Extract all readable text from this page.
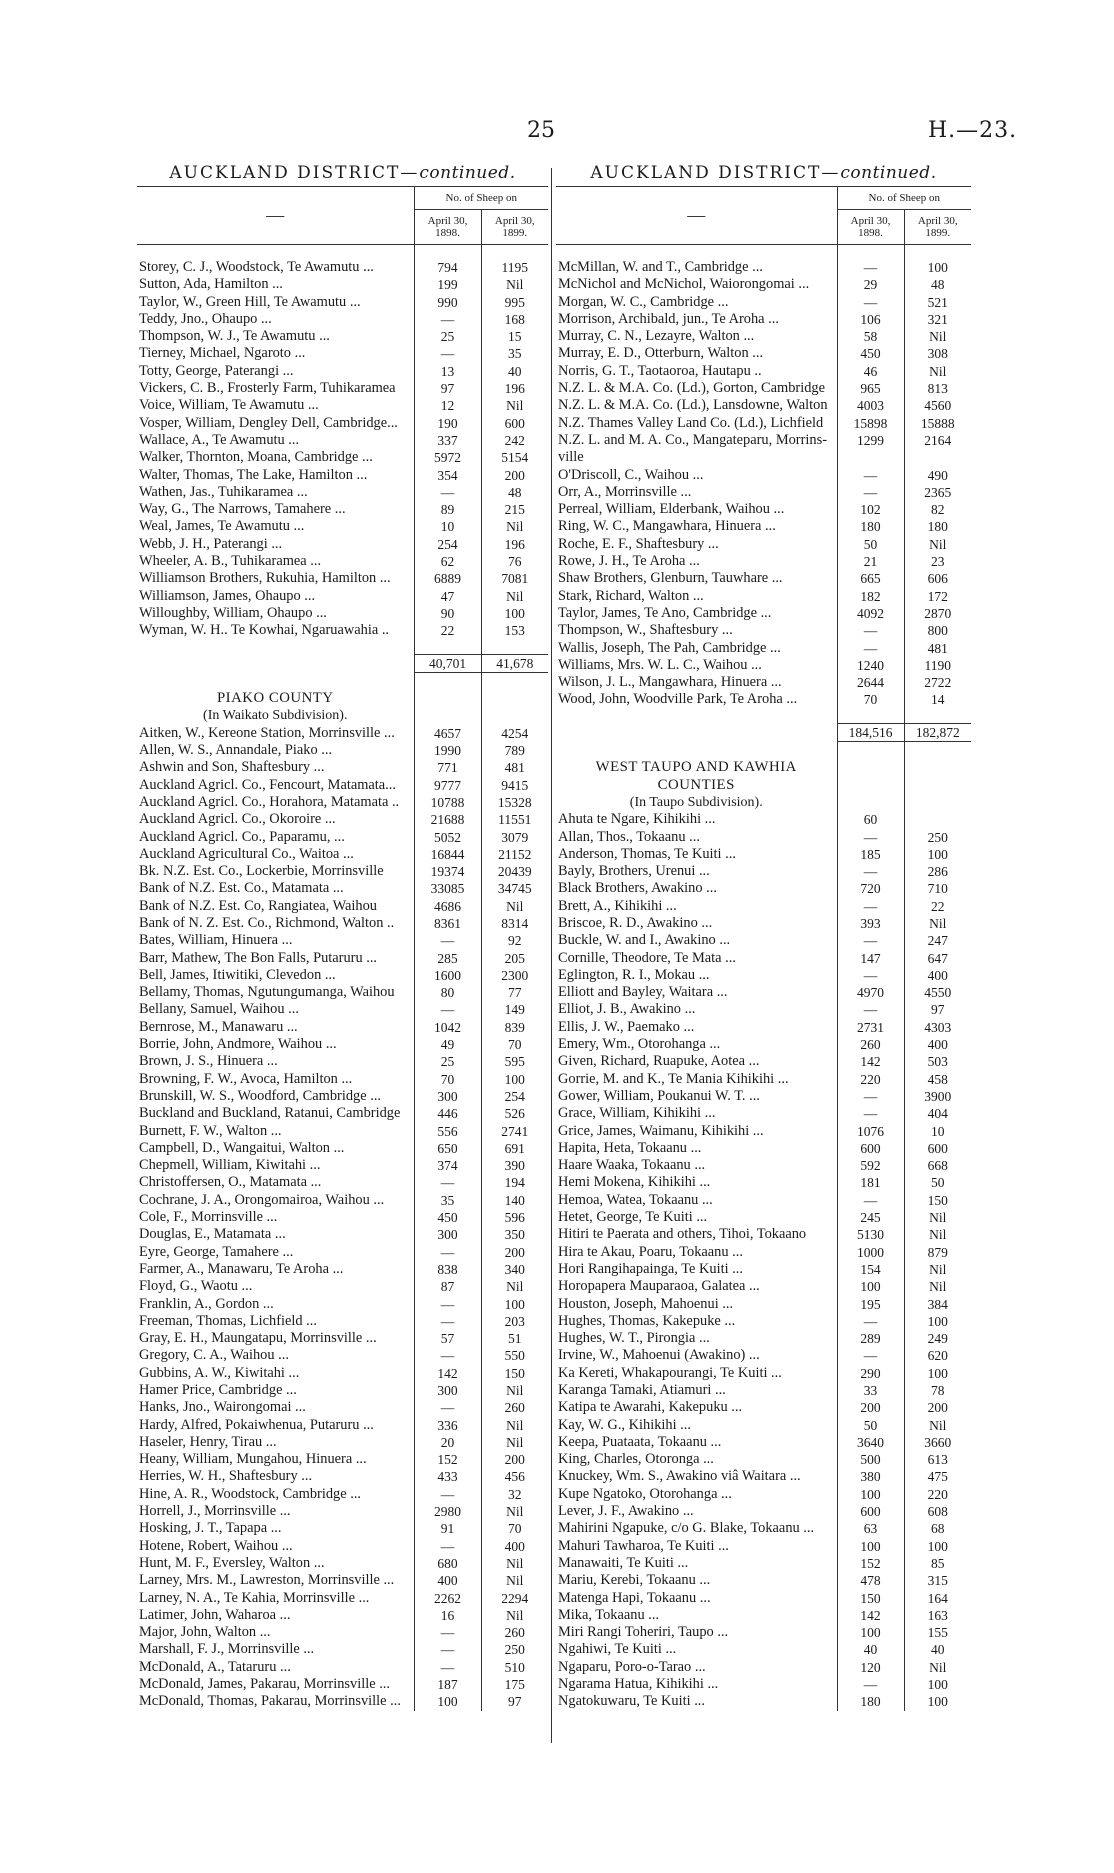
25	H.—23.
AUCKLAND DISTRICT—continued.
—	No. of Sheep on	
	April 30, 1898.	April 30, 1899.

Storey, C. J., Woodstock, Te Awamutu ...	794	1195
Sutton, Ada, Hamilton ...	199	Nil
Taylor, W., Green Hill, Te Awamutu ...	990	995
Teddy, Jno., Ohaupo ...	—	168
Thompson, W. J., Te Awamutu ...	25	15
Tierney, Michael, Ngaroto ...	—	35
Totty, George, Paterangi ...	13	40
Vickers, C. B., Frosterly Farm, Tuhikaramea	97	196
Voice, William, Te Awamutu ...	12	Nil
Vosper, William, Dengley Dell, Cambridge...	190	600
Wallace, A., Te Awamutu ...	337	242
Walker, Thornton, Moana, Cambridge ...	5972	5154
Walter, Thomas, The Lake, Hamilton ...	354	200
Wathen, Jas., Tuhikaramea ...	—	48
Way, G., The Narrows, Tamahere ...	89	215
Weal, James, Te Awamutu ...	10	Nil
Webb, J. H., Paterangi ...	254	196
Wheeler, A. B., Tuhikaramea ...	62	76
Williamson Brothers, Rukuhia, Hamilton ...	6889	7081
Williamson, James, Ohaupo ...	47	Nil
Willoughby, William, Ohaupo ...	90	100
Wyman, W. H.. Te Kowhai, Ngaruawahia ..	22	153

	40,701	41,678

PIAKO COUNTY		
(In Waikato Subdivision).		
Aitken, W., Kereone Station, Morrinsville ...	4657	4254
Allen, W. S., Annandale, Piako ...	1990	789
Ashwin and Son, Shaftesbury ...	771	481
Auckland Agricl. Co., Fencourt, Matamata...	9777	9415
Auckland Agricl. Co., Horahora, Matamata ..	10788	15328
Auckland Agricl. Co., Okoroire ...	21688	11551
Auckland Agricl. Co., Paparamu, ...	5052	3079
Auckland Agricultural Co., Waitoa ...	16844	21152
Bk. N.Z. Est. Co., Lockerbie, Morrinsville	19374	20439
Bank of N.Z. Est. Co., Matamata ...	33085	34745
Bank of N.Z. Est. Co, Rangiatea, Waihou	4686	Nil
Bank of N. Z. Est. Co., Richmond, Walton ..	8361	8314
Bates, William, Hinuera ...	—	92
Barr, Mathew, The Bon Falls, Putaruru ...	285	205
Bell, James, Itiwitiki, Clevedon ...	1600	2300
Bellamy, Thomas, Ngutungumanga, Waihou	80	77
Bellany, Samuel, Waihou ...	—	149
Bernrose, M., Manawaru ...	1042	839
Borrie, John, Andmore, Waihou ...	49	70
Brown, J. S., Hinuera ...	25	595
Browning, F. W., Avoca, Hamilton ...	70	100
Brunskill, W. S., Woodford, Cambridge ...	300	254
Buckland and Buckland, Ratanui, Cambridge	446	526
Burnett, F. W., Walton ...	556	2741
Campbell, D., Wangaitui, Walton ...	650	691
Chepmell, William, Kiwitahi ...	374	390
Christoffersen, O., Matamata ...	—	194
Cochrane, J. A., Orongomairoa, Waihou ...	35	140
Cole, F., Morrinsville ...	450	596
Douglas, E., Matamata ...	300	350
Eyre, George, Tamahere ...	—	200
Farmer, A., Manawaru, Te Aroha ...	838	340
Floyd, G., Waotu ...	87	Nil
Franklin, A., Gordon ...	—	100
Freeman, Thomas, Lichfield ...	—	203
Gray, E. H., Maungatapu, Morrinsville ...	57	51
Gregory, C. A., Waihou ...	—	550
Gubbins, A. W., Kiwitahi ...	142	150
Hamer Price, Cambridge ...	300	Nil
Hanks, Jno., Wairongomai ...	—	260
Hardy, Alfred, Pokaiwhenua, Putaruru ...	336	Nil
Haseler, Henry, Tirau ...	20	Nil
Heany, William, Mungahou, Hinuera ...	152	200
Herries, W. H., Shaftesbury ...	433	456
Hine, A. R., Woodstock, Cambridge ...	—	32
Horrell, J., Morrinsville ...	2980	Nil
Hosking, J. T., Tapapa ...	91	70
Hotene, Robert, Waihou ...	—	400
Hunt, M. F., Eversley, Walton ...	680	Nil
Larney, Mrs. M., Lawreston, Morrinsville ...	400	Nil
Larney, N. A., Te Kahia, Morrinsville ...	2262	2294
Latimer, John, Waharoa ...	16	Nil
Major, John, Walton ...	—	260
Marshall, F. J., Morrinsville ...	—	250
McDonald, A., Tataruru ...	—	510
McDonald, James, Pakarau, Morrinsville ...	187	175
McDonald, Thomas, Pakarau, Morrinsville ...	100	97
AUCKLAND DISTRICT—continued.
—	No. of Sheep on	
	April 30, 1898.	April 30, 1899.

McMillan, W. and T., Cambridge ...	—	100
McNichol and McNichol, Waiorongomai ...	29	48
Morgan, W. C., Cambridge ...	—	521
Morrison, Archibald, jun., Te Aroha ...	106	321
Murray, C. N., Lezayre, Walton ...	58	Nil
Murray, E. D., Otterburn, Walton ...	450	308
Norris, G. T., Taotaoroa, Hautapu ..	46	Nil
N.Z. L. & M.A. Co. (Ld.), Gorton, Cambridge	965	813
N.Z. L. & M.A. Co. (Ld.), Lansdowne, Walton	4003	4560
N.Z. Thames Valley Land Co. (Ld.), Lichfield	15898	15888
N.Z. L. and M. A. Co., Mangateparu, Morrins-	1299	2164
ville		
O'Driscoll, C., Waihou ...	—	490
Orr, A., Morrinsville ...	—	2365
Perreal, William, Elderbank, Waihou ...	102	82
Ring, W. C., Mangawhara, Hinuera ...	180	180
Roche, E. F., Shaftesbury ...	50	Nil
Rowe, J. H., Te Aroha ...	21	23
Shaw Brothers, Glenburn, Tauwhare ...	665	606
Stark, Richard, Walton ...	182	172
Taylor, James, Te Ano, Cambridge ...	4092	2870
Thompson, W., Shaftesbury ...	—	800
Wallis, Joseph, The Pah, Cambridge ...	—	481
Williams, Mrs. W. L. C., Waihou ...	1240	1190
Wilson, J. L., Mangawhara, Hinuera ...	2644	2722
Wood, John, Woodville Park, Te Aroha ...	70	14

	184,516	182,872

WEST TAUPO AND KAWHIA		
COUNTIES		
(In Taupo Subdivision).		
Ahuta te Ngare, Kihikihi ...	60	
Allan, Thos., Tokaanu ...	—	250
Anderson, Thomas, Te Kuiti ...	185	100
Bayly, Brothers, Urenui ...	—	286
Black Brothers, Awakino ...	720	710
Brett, A., Kihikihi ...	—	22
Briscoe, R. D., Awakino ...	393	Nil
Buckle, W. and I., Awakino ...	—	247
Cornille, Theodore, Te Mata ...	147	647
Eglington, R. I., Mokau ...	—	400
Elliott and Bayley, Waitara ...	4970	4550
Elliot, J. B., Awakino ...	—	97
Ellis, J. W., Paemako ...	2731	4303
Emery, Wm., Otorohanga ...	260	400
Given, Richard, Ruapuke, Aotea ...	142	503
Gorrie, M. and K., Te Mania Kihikihi ...	220	458
Gower, William, Poukanui W. T. ...	—	3900
Grace, William, Kihikihi ...	—	404
Grice, James, Waimanu, Kihikihi ...	1076	10
Hapita, Heta, Tokaanu ...	600	600
Haare Waaka, Tokaanu ...	592	668
Hemi Mokena, Kihikihi ...	181	50
Hemoa, Watea, Tokaanu ...	—	150
Hetet, George, Te Kuiti ...	245	Nil
Hitiri te Paerata and others, Tihoi, Tokaano	5130	Nil
Hira te Akau, Poaru, Tokaanu ...	1000	879
Hori Rangihapainga, Te Kuiti ...	154	Nil
Horopapera Mauparaoa, Galatea ...	100	Nil
Houston, Joseph, Mahoenui ...	195	384
Hughes, Thomas, Kakepuke ...	—	100
Hughes, W. T., Pirongia ...	289	249
Irvine, W., Mahoenui (Awakino) ...	—	620
Ka Kereti, Whakapourangi, Te Kuiti ...	290	100
Karanga Tamaki, Atiamuri ...	33	78
Katipa te Awarahi, Kakepuku ...	200	200
Kay, W. G., Kihikihi ...	50	Nil
Keepa, Puataata, Tokaanu ...	3640	3660
King, Charles, Otoronga ...	500	613
Knuckey, Wm. S., Awakino viâ Waitara ...	380	475
Kupe Ngatoko, Otorohanga ...	100	220
Lever, J. F., Awakino ...	600	608
Mahirini Ngapuke, c/o G. Blake, Tokaanu ...	63	68
Mahuri Tawharoa, Te Kuiti ...	100	100
Manawaiti, Te Kuiti ...	152	85
Mariu, Kerebi, Tokaanu ...	478	315
Matenga Hapi, Tokaanu ...	150	164
Mika, Tokaanu ...	142	163
Miri Rangi Toheriri, Taupo ...	100	155
Ngahiwi, Te Kuiti ...	40	40
Ngaparu, Poro-o-Tarao ...	120	Nil
Ngarama Hatua, Kihikihi ...	—	100
Ngatokuwaru, Te Kuiti ...	180	100
